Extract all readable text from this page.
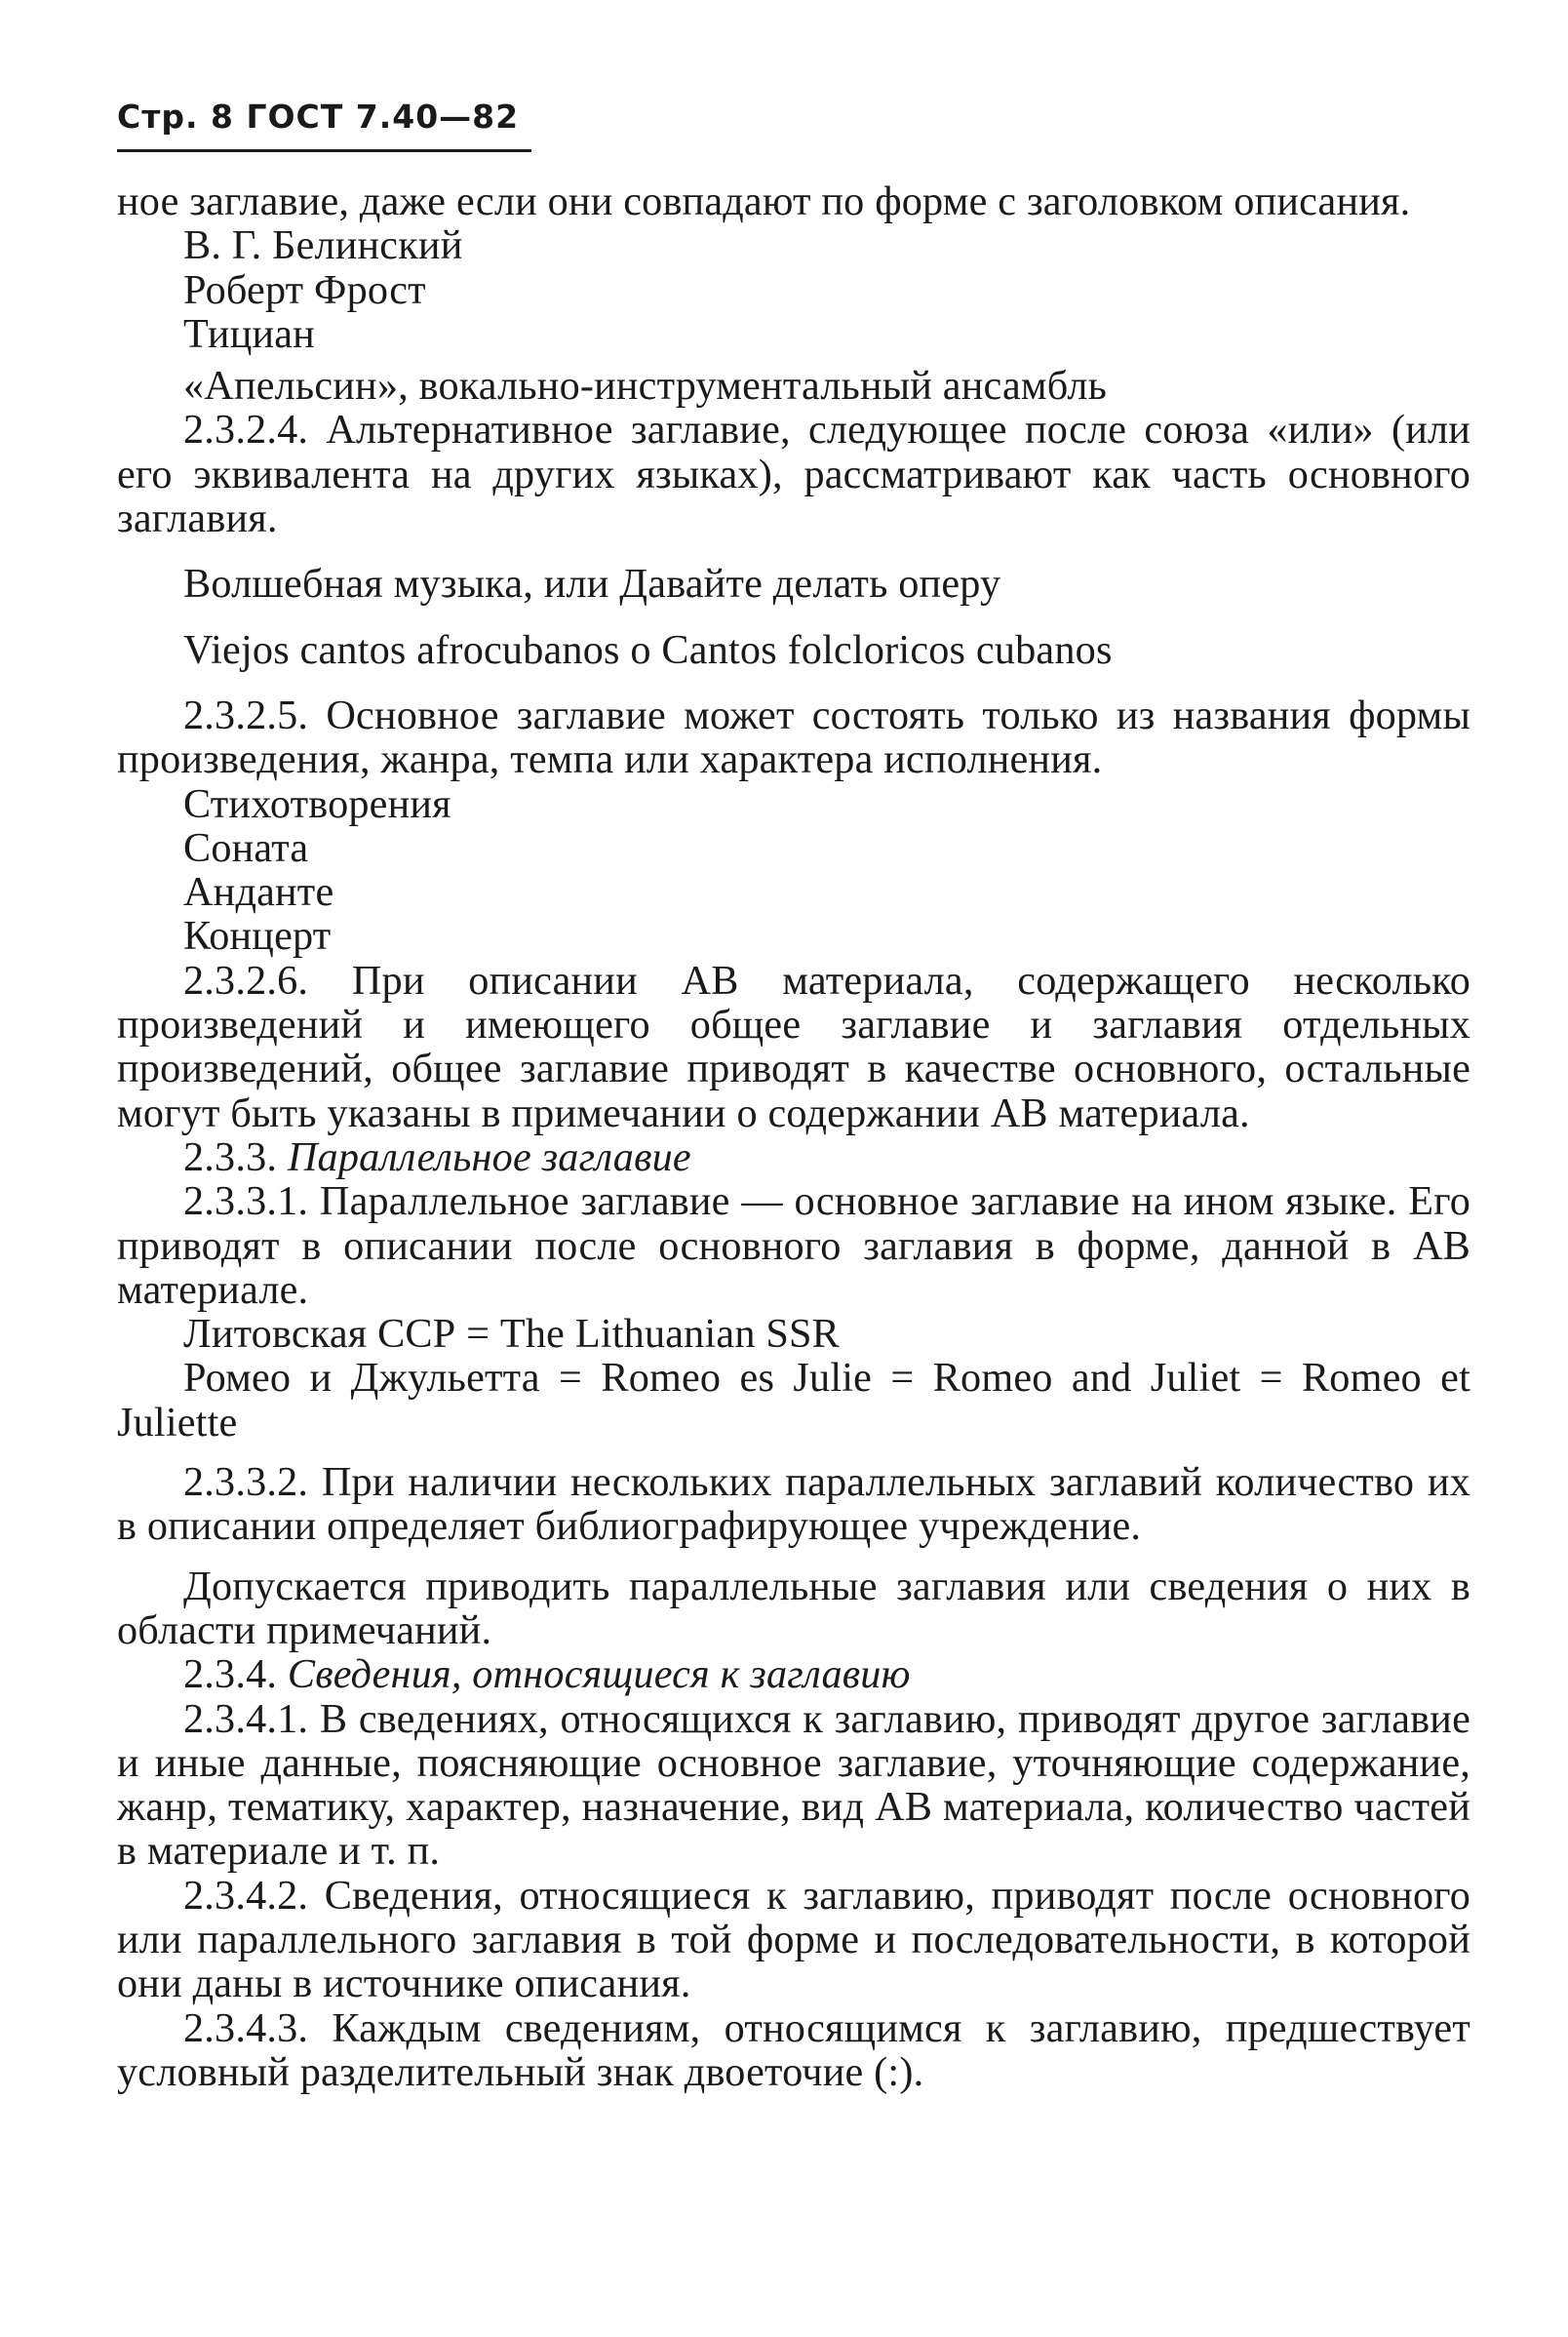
Стр. 8 ГОСТ 7.40—82

ное заглавие, даже если они совпадают по форме с заголовком описания.

В. Г. Белинский

Роберт Фрост

Тициан

«Апельсин», вокально-инструментальный ансамбль

2.3.2.4. Альтернативное заглавие, следующее после союза «или» (или его эквивалента на других языках), рассматривают как часть основного заглавия.

Волшебная музыка, или Давайте делать оперу

Viejos cantos afrocubanos o Cantos folcloricos cubanos

2.3.2.5. Основное заглавие может состоять только из названия формы произведения, жанра, темпа или характера исполнения.

Стихотворения

Соната

Анданте

Концерт

2.3.2.6. При описании АВ материала, содержащего несколько произведений и имеющего общее заглавие и заглавия отдельных произведений, общее заглавие приводят в качестве основного, остальные могут быть указаны в примечании о содержании АВ материала.

2.3.3. Параллельное заглавие

2.3.3.1. Параллельное заглавие — основное заглавие на ином языке. Его приводят в описании после основного заглавия в форме, данной в АВ материале.

Литовская ССР = The Lithuanian SSR

Ромео и Джульетта = Romeo es Julie = Romeo and Juliet = Romeo et Juliette

2.3.3.2. При наличии нескольких параллельных заглавий количество их в описании определяет библиографирующее учреждение.

Допускается приводить параллельные заглавия или сведения о них в области примечаний.

2.3.4. Сведения, относящиеся к заглавию

2.3.4.1. В сведениях, относящихся к заглавию, приводят другое заглавие и иные данные, поясняющие основное заглавие, уточняющие содержание, жанр, тематику, характер, назначение, вид АВ материала, количество частей в материале и т. п.

2.3.4.2. Сведения, относящиеся к заглавию, приводят после основного или параллельного заглавия в той форме и последовательности, в которой они даны в источнике описания.

2.3.4.3. Каждым сведениям, относящимся к заглавию, предшествует условный разделительный знак двоеточие (:).
